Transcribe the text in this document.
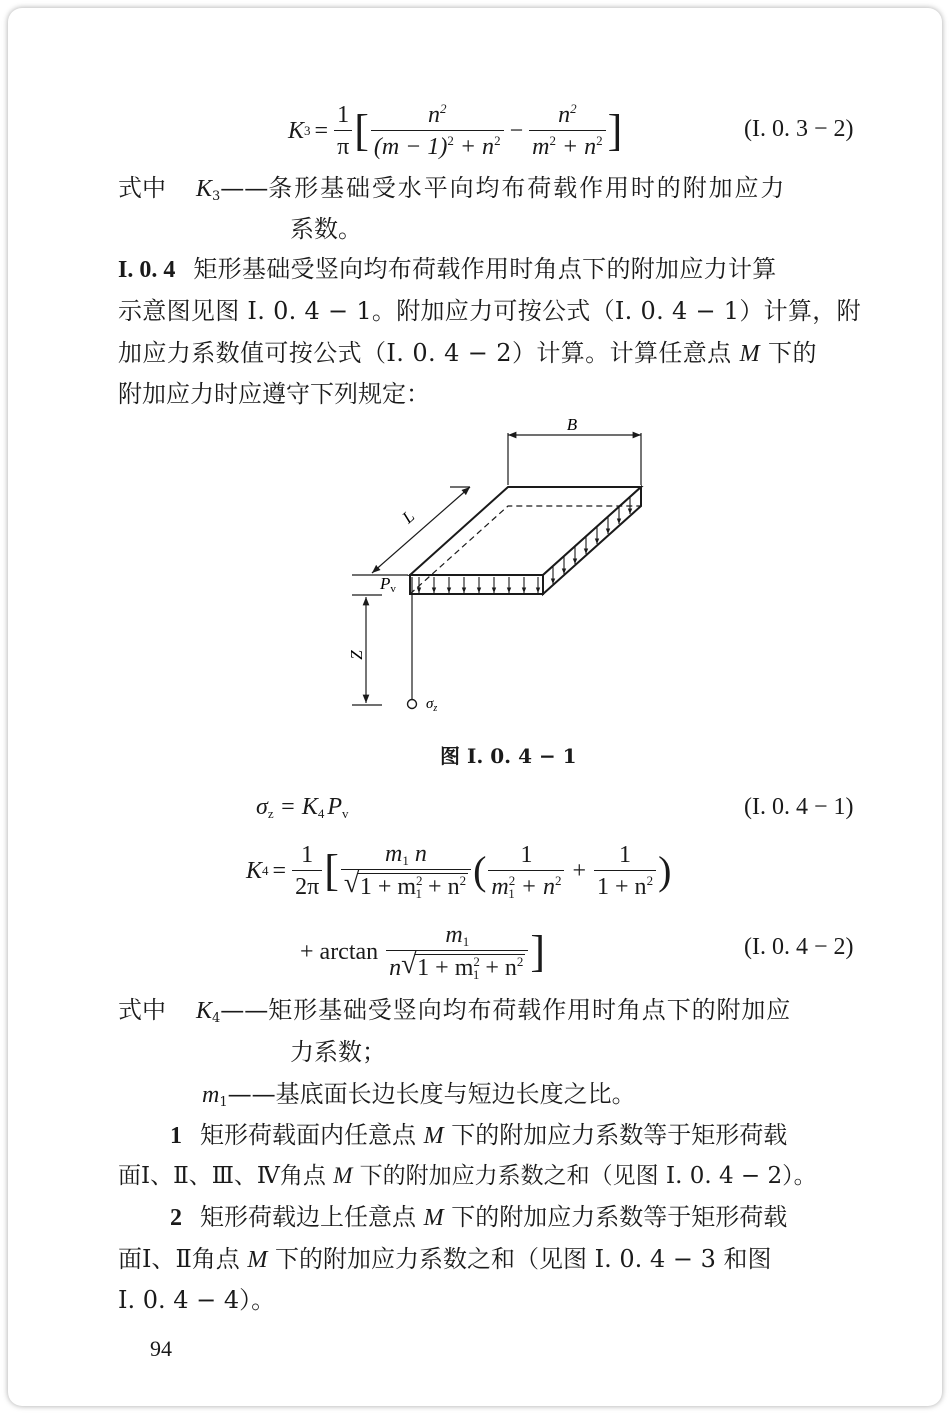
K $3 = \frac{1}{\pi}$ [ $\frac{n^2}{(m - 1)^2 + n^2} - \frac{n^2}{m^2 + n^2}$ ]	(I. 0. 3 − 2)
式中 $K_3——$条形基础受水平向均布荷载作用时的附加应力
系数。
I. 0. 4 矩形基础受竖向均布荷载作用时角点下的附加应力计算
示意图见图 I. 0. 4 − 1。附加应力可按公式（I. 0. 4 − 1）计算，附
加应力系数值可按公式（I. 0. 4 − 2）计算。计算任意点 M 下的
附加应力时应遵守下列规定：
B
L
Pv
Z
$\sigma_z$
图 I. 0. 4 − 1
$\sigma_z = K_4$ $P_v$	(I. 0. 4 − 1)
K $4 = \frac{1}{2\pi}$ [ $\frac{m_1 n}{√ 1 + m^2_1 + n^2}$ ( $\frac{1}{m^2_1 + n^2} + \frac{1}{1 + n^2}$ )
+ $\arctan \frac{m_1}{n √ 1 + m^2_1 + n^2}$ ]	(I. 0. 4 − 2)
式中 $K_4——$矩形基础受竖向均布荷载作用时角点下的附加应
力系数；
$m_1——$基底面长边长度与短边长度之比。
1 矩形荷载面内任意点 M 下的附加应力系数等于矩形荷载
面Ⅰ、Ⅱ、Ⅲ、Ⅳ角点 M 下的附加应力系数之和（见图 I. 0. 4 − 2）。
2 矩形荷载边上任意点 M 下的附加应力系数等于矩形荷载
面Ⅰ、Ⅱ角点 M 下的附加应力系数之和（见图 I. 0. 4 − 3 和图
I. 0. 4 − 4）。
94
